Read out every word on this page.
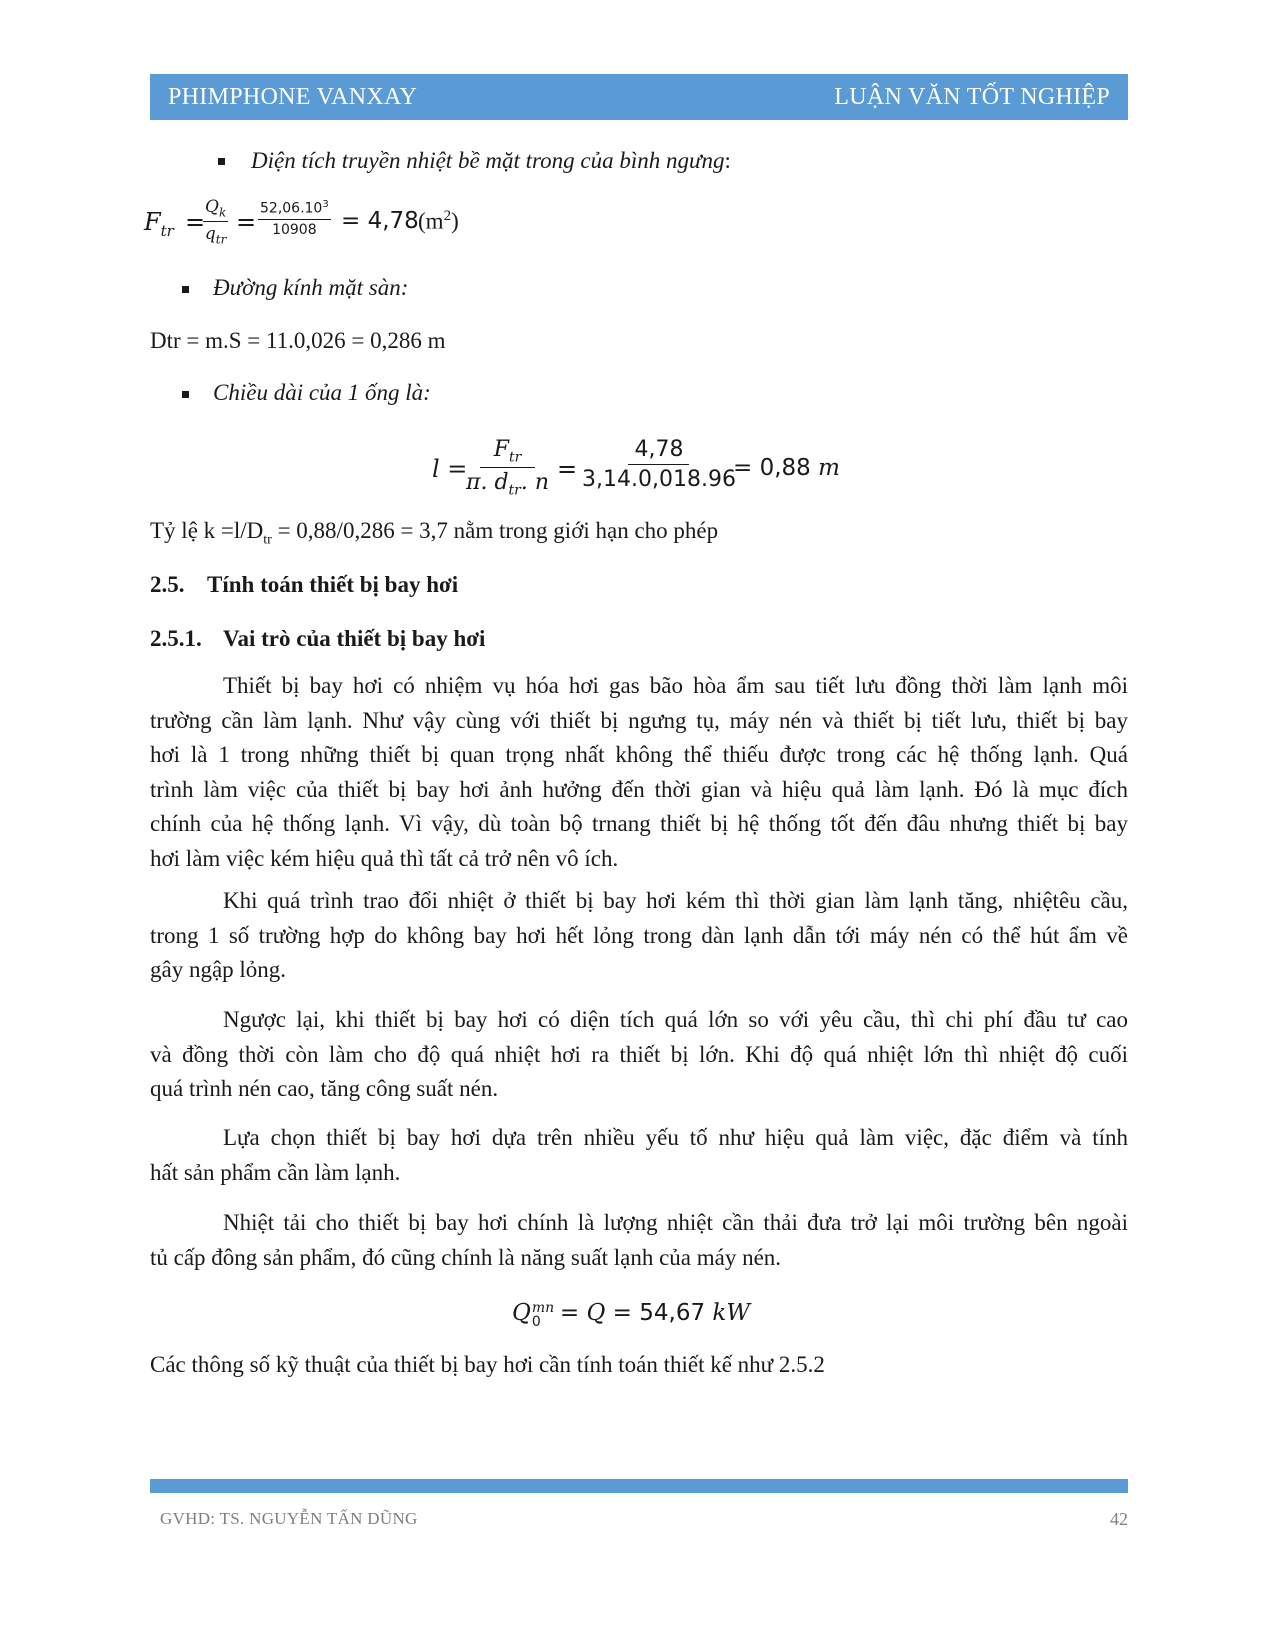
PHIMPHONE VANXAY	LUẬN VĂN TỐT NGHIỆP
Diện tích truyền nhiệt bề mặt trong của bình ngưng:
$F_{tr}$ =
$Q_k$
$q_{tr}$
= $\frac{52,06.10^3}{10908} = 4,78$ $(m^2)$
Đường kính mặt sàn:
Dtr = m.S = 11.0,026 = 0,286 m
Chiều dài của 1 ống là:
l =
$F_{tr}$
π. $d_{tr}$. $n = \frac{4,78}{3,14.0,018.96}$
= 0,88 m
Tỷ lệ $k =l/D_{tr} = 0,88/0,286 = 3,7$ nằm trong giới hạn cho phép
2.5. Tính toán thiết bị bay hơi
2.5.1. Vai trò của thiết bị bay hơi
Thiết bị bay hơi có nhiệm vụ hóa hơi gas bão hòa ẩm sau tiết lưu đồng thời làm lạnh môi
trường cần làm lạnh. Như vậy cùng với thiết bị ngưng tụ, máy nén và thiết bị tiết lưu, thiết bị bay
hơi là 1 trong những thiết bị quan trọng nhất không thể thiếu được trong các hệ thống lạnh. Quá
trình làm việc của thiết bị bay hơi ảnh hưởng đến thời gian và hiệu quả làm lạnh. Đó là mục đích
chính của hệ thống lạnh. Vì vậy, dù toàn bộ trnang thiết bị hệ thống tốt đến đâu nhưng thiết bị bay
hơi làm việc kém hiệu quả thì tất cả trở nên vô ích.
Khi quá trình trao đổi nhiệt ở thiết bị bay hơi kém thì thời gian làm lạnh tăng, nhiệtêu cầu,
trong 1 số trường hợp do không bay hơi hết lỏng trong dàn lạnh dẫn tới máy nén có thể hút ẩm về
gây ngập lỏng.
Ngược lại, khi thiết bị bay hơi có diện tích quá lớn so với yêu cầu, thì chi phí đầu tư cao
và đồng thời còn làm cho độ quá nhiệt hơi ra thiết bị lớn. Khi độ quá nhiệt lớn thì nhiệt độ cuối
quá trình nén cao, tăng công suất nén.
Lựa chọn thiết bị bay hơi dựa trên nhiều yếu tố như hiệu quả làm việc, đặc điểm và tính
hất sản phẩm cần làm lạnh.
Nhiệt tải cho thiết bị bay hơi chính là lượng nhiệt cần thải đưa trở lại môi trường bên ngoài
tủ cấp đông sản phẩm, đó cũng chính là năng suất lạnh của máy nén.
Q mn
0 = Q = 54,67 kW
Các thông số kỹ thuật của thiết bị bay hơi cần tính toán thiết kế như 2.5.2
GVHD: TS. NGUYỄN TẤN DŨNG	42
